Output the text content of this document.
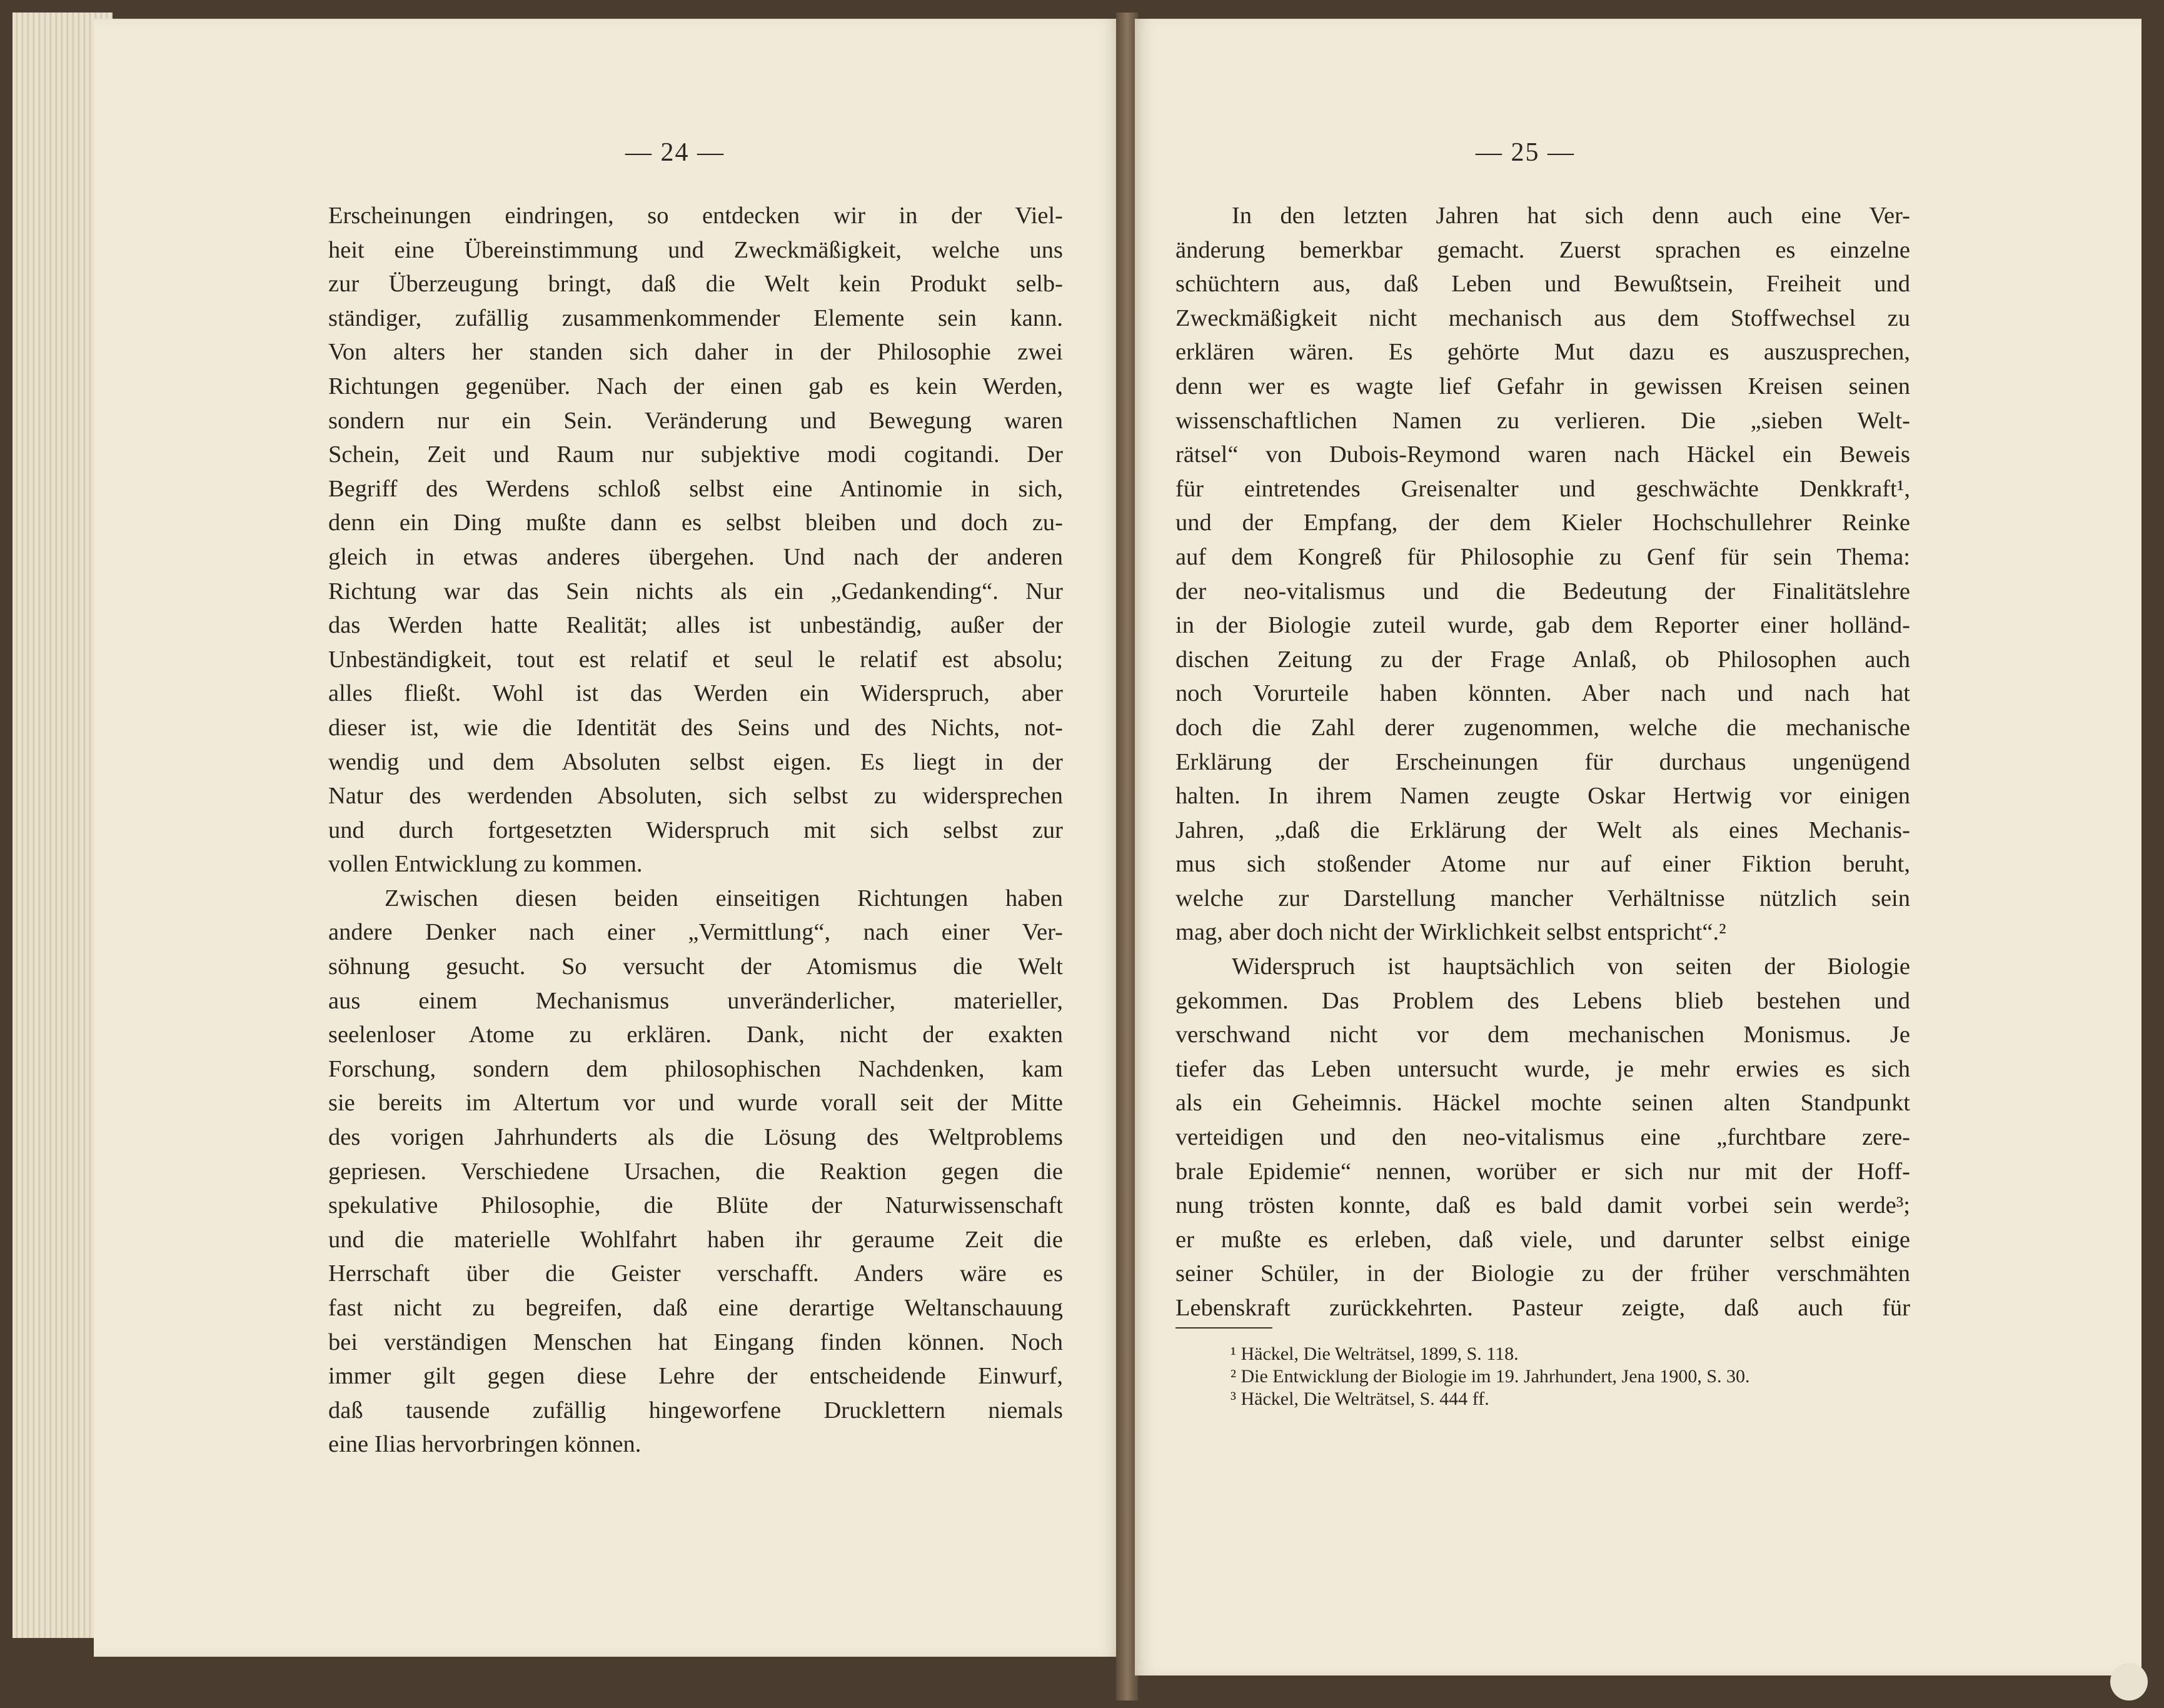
— 24 —	— 25 —
Erscheinungen eindringen, so entdecken wir in der Viel-
heit eine Übereinstimmung und Zweckmäßigkeit, welche uns
zur Überzeugung bringt, daß die Welt kein Produkt selb-
ständiger, zufällig zusammenkommender Elemente sein kann.
Von alters her standen sich daher in der Philosophie zwei
Richtungen gegenüber. Nach der einen gab es kein Werden,
sondern nur ein Sein. Veränderung und Bewegung waren
Schein, Zeit und Raum nur subjektive modi cogitandi. Der
Begriff des Werdens schloß selbst eine Antinomie in sich,
denn ein Ding mußte dann es selbst bleiben und doch zu-
gleich in etwas anderes übergehen. Und nach der anderen
Richtung war das Sein nichts als ein „Gedankending“. Nur
das Werden hatte Realität; alles ist unbeständig, außer der
Unbeständigkeit, tout est relatif et seul le relatif est absolu;
alles fließt. Wohl ist das Werden ein Widerspruch, aber
dieser ist, wie die Identität des Seins und des Nichts, not-
wendig und dem Absoluten selbst eigen. Es liegt in der
Natur des werdenden Absoluten, sich selbst zu widersprechen
und durch fortgesetzten Widerspruch mit sich selbst zur
vollen Entwicklung zu kommen.
Zwischen diesen beiden einseitigen Richtungen haben
andere Denker nach einer „Vermittlung“, nach einer Ver-
söhnung gesucht. So versucht der Atomismus die Welt
aus einem Mechanismus unveränderlicher, materieller,
seelenloser Atome zu erklären. Dank, nicht der exakten
Forschung, sondern dem philosophischen Nachdenken, kam
sie bereits im Altertum vor und wurde vorall seit der Mitte
des vorigen Jahrhunderts als die Lösung des Weltproblems
gepriesen. Verschiedene Ursachen, die Reaktion gegen die
spekulative Philosophie, die Blüte der Naturwissenschaft
und die materielle Wohlfahrt haben ihr geraume Zeit die
Herrschaft über die Geister verschafft. Anders wäre es
fast nicht zu begreifen, daß eine derartige Weltanschauung
bei verständigen Menschen hat Eingang finden können. Noch
immer gilt gegen diese Lehre der entscheidende Einwurf,
daß tausende zufällig hingeworfene Drucklettern niemals
eine Ilias hervorbringen können.
In den letzten Jahren hat sich denn auch eine Ver-
änderung bemerkbar gemacht. Zuerst sprachen es einzelne
schüchtern aus, daß Leben und Bewußtsein, Freiheit und
Zweckmäßigkeit nicht mechanisch aus dem Stoffwechsel zu
erklären wären. Es gehörte Mut dazu es auszusprechen,
denn wer es wagte lief Gefahr in gewissen Kreisen seinen
wissenschaftlichen Namen zu verlieren. Die „sieben Welt-
rätsel“ von Dubois-Reymond waren nach Häckel ein Beweis
für eintretendes Greisenalter und geschwächte Denkkraft¹,
und der Empfang, der dem Kieler Hochschullehrer Reinke
auf dem Kongreß für Philosophie zu Genf für sein Thema:
der neo-vitalismus und die Bedeutung der Finalitätslehre
in der Biologie zuteil wurde, gab dem Reporter einer holländ-
dischen Zeitung zu der Frage Anlaß, ob Philosophen auch
noch Vorurteile haben könnten. Aber nach und nach hat
doch die Zahl derer zugenommen, welche die mechanische
Erklärung der Erscheinungen für durchaus ungenügend
halten. In ihrem Namen zeugte Oskar Hertwig vor einigen
Jahren, „daß die Erklärung der Welt als eines Mechanis-
mus sich stoßender Atome nur auf einer Fiktion beruht,
welche zur Darstellung mancher Verhältnisse nützlich sein
mag, aber doch nicht der Wirklichkeit selbst entspricht“.²
Widerspruch ist hauptsächlich von seiten der Biologie
gekommen. Das Problem des Lebens blieb bestehen und
verschwand nicht vor dem mechanischen Monismus. Je
tiefer das Leben untersucht wurde, je mehr erwies es sich
als ein Geheimnis. Häckel mochte seinen alten Standpunkt
verteidigen und den neo-vitalismus eine „furchtbare zere-
brale Epidemie“ nennen, worüber er sich nur mit der Hoff-
nung trösten konnte, daß es bald damit vorbei sein werde³;
er mußte es erleben, daß viele, und darunter selbst einige
seiner Schüler, in der Biologie zu der früher verschmähten
Lebenskraft zurückkehrten. Pasteur zeigte, daß auch für
¹ Häckel, Die Welträtsel, 1899, S. 118.
² Die Entwicklung der Biologie im 19. Jahrhundert, Jena 1900, S. 30.
³ Häckel, Die Welträtsel, S. 444 ff.
